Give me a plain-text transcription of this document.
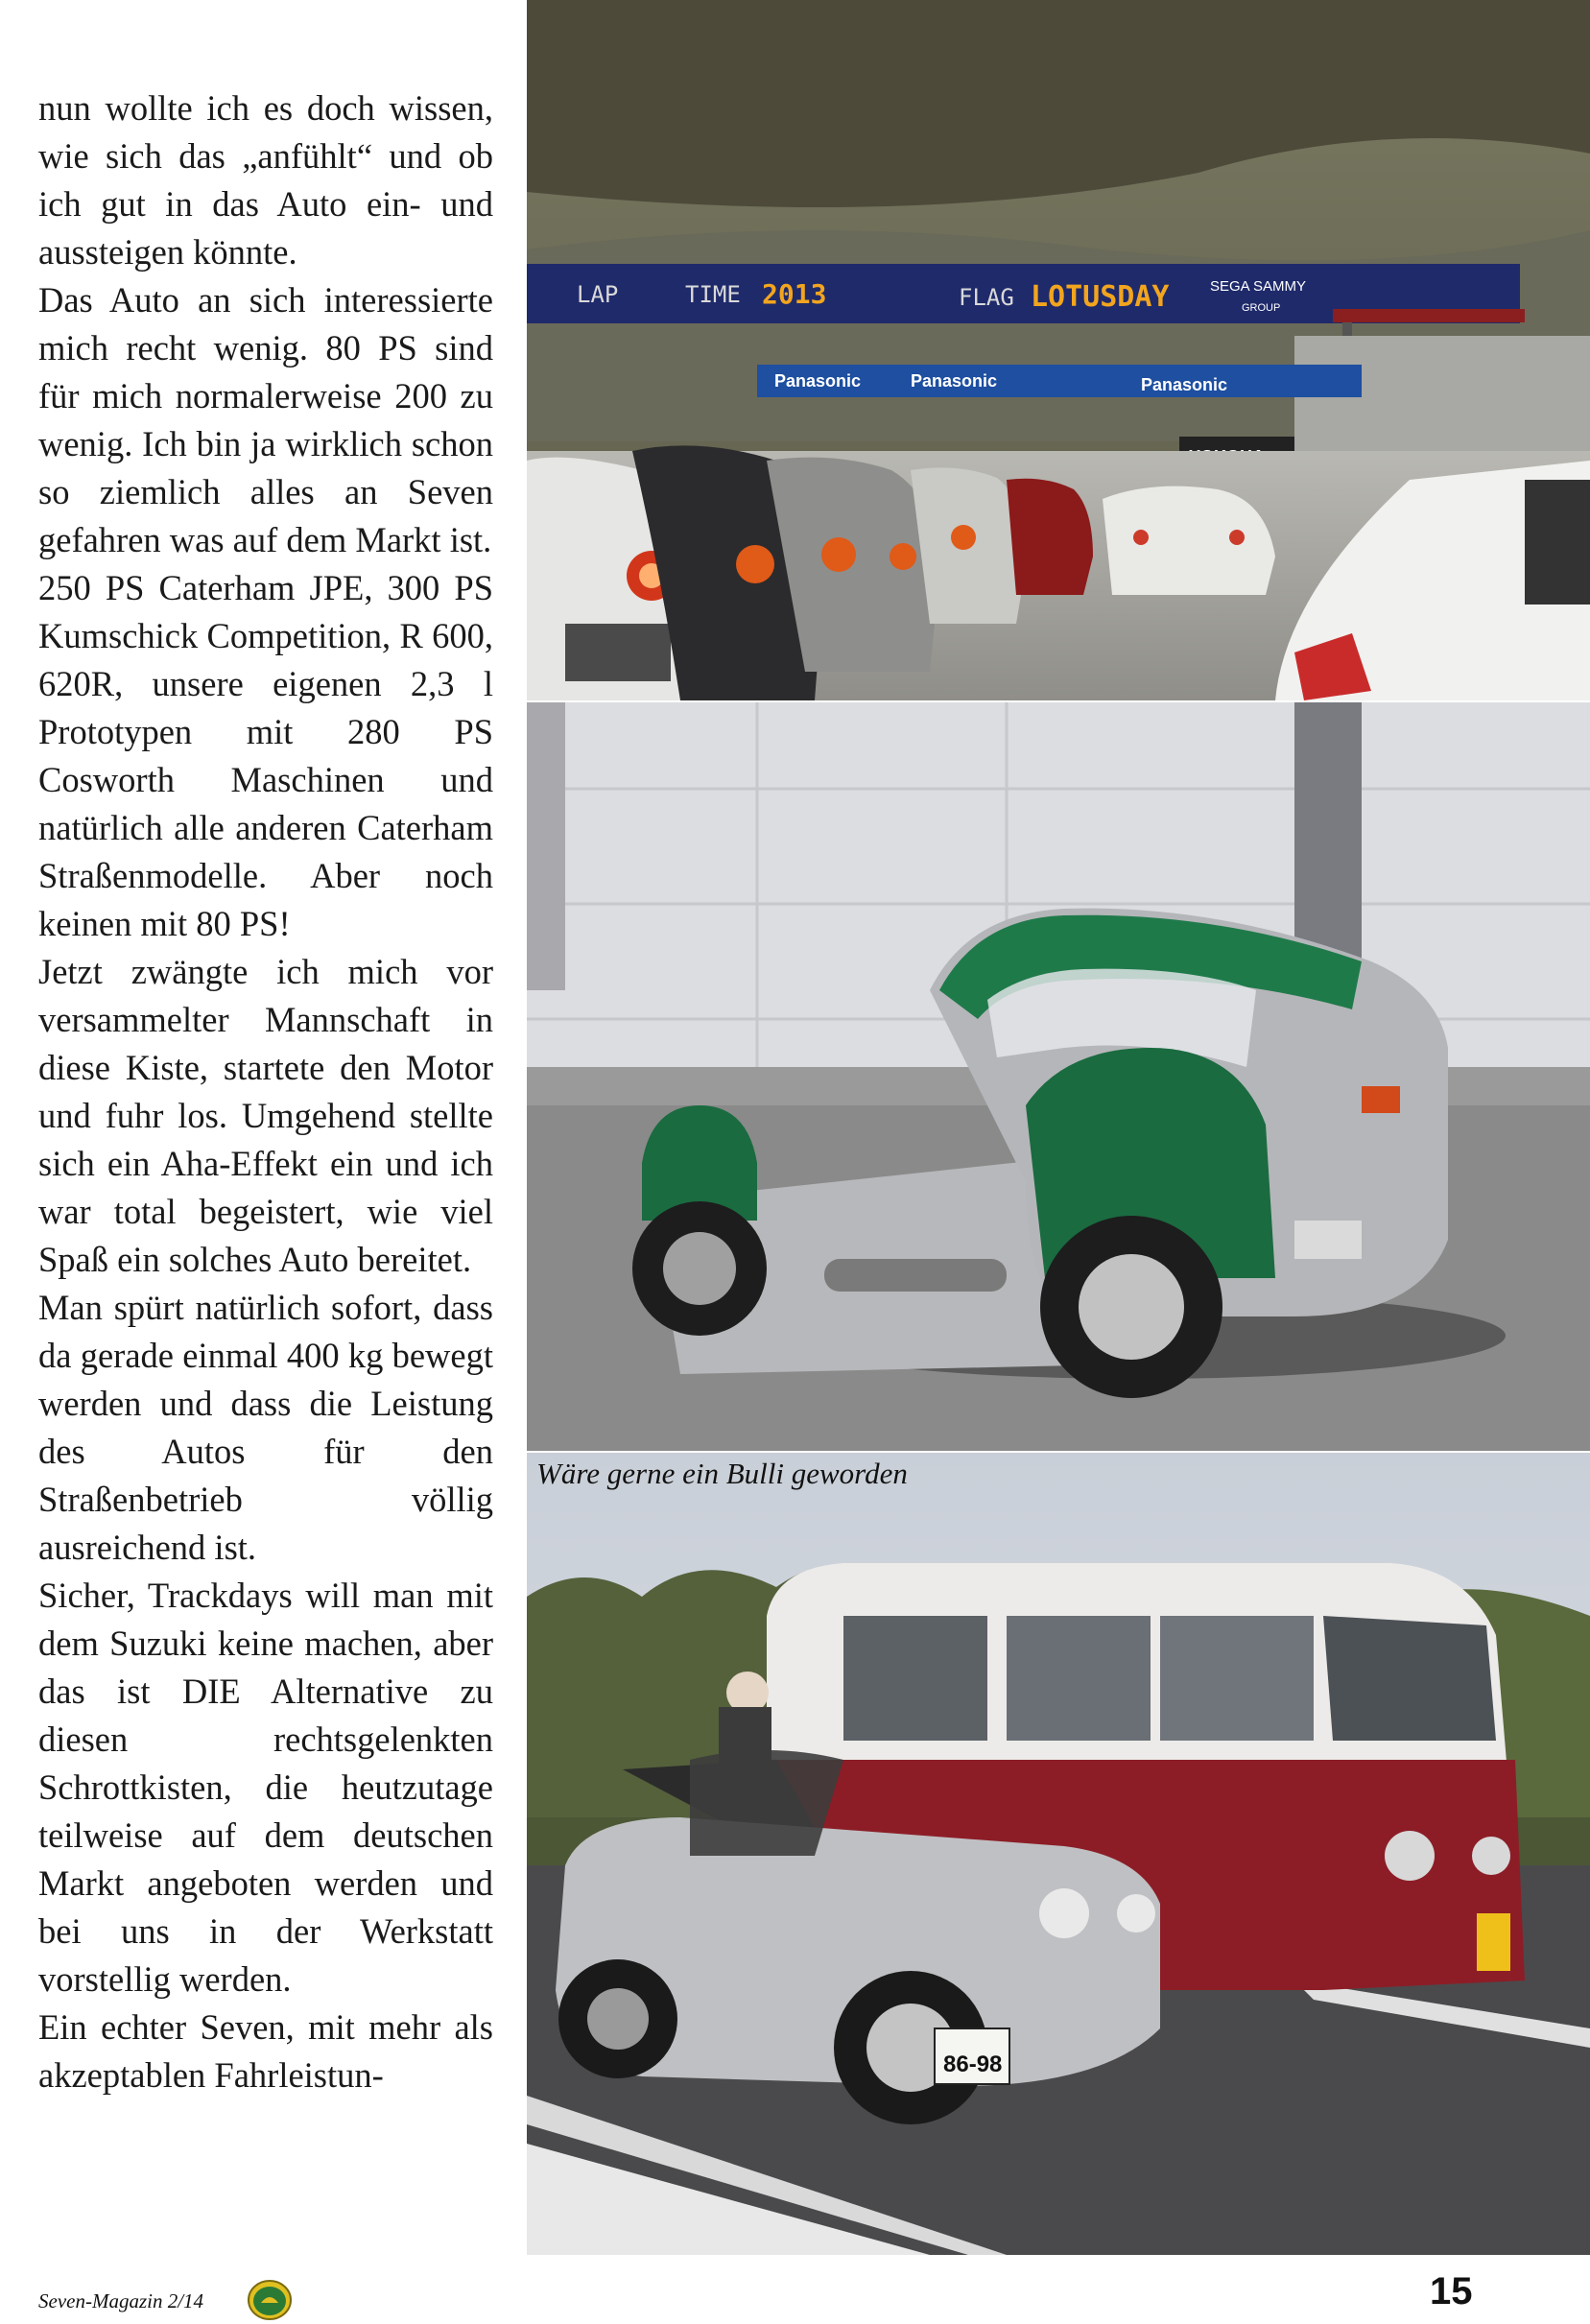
nun wollte ich es doch wissen, wie sich das „anfühlt“ und ob ich gut in das Auto ein- und aussteigen könnte.

Das Auto an sich interessierte mich recht wenig. 80 PS sind für mich normalerweise 200 zu wenig. Ich bin ja wirklich schon so ziemlich alles an Seven gefahren was auf dem Markt ist.

250 PS Caterham JPE, 300 PS Kumschick Competition, R 600, 620R, unsere eigenen 2,3 l Prototypen mit 280 PS Cosworth Maschinen und natürlich alle anderen Caterham Straßenmodelle. Aber noch keinen mit 80 PS!

Jetzt zwängte ich mich vor versammelter Mannschaft in diese Kiste, startete den Motor und fuhr los. Umgehend stellte sich ein Aha-Effekt ein und ich war total begeistert, wie viel Spaß ein solches Auto bereitet.

Man spürt natürlich sofort, dass da gerade einmal 400 kg bewegt werden und dass die Leistung des Autos für den Straßenbetrieb völlig ausreichend ist.

Sicher, Trackdays will man mit dem Suzuki keine machen, aber das ist DIE Alternative zu diesen rechtsgelenkten Schrottkisten, die heutzutage teilweise auf dem deutschen Markt angeboten werden und bei uns in der Werkstatt vorstellig werden.

Ein echter Seven, mit mehr als akzeptablen Fahrleistun-

LAP	TIME 2013	FLAG LOTUSDAY	SEGA SAMMY
GROUP
Panasonic	Panasonic	Panasonic
86-98
Wäre gerne ein Bulli geworden
Seven-Magazin 2/14	15
